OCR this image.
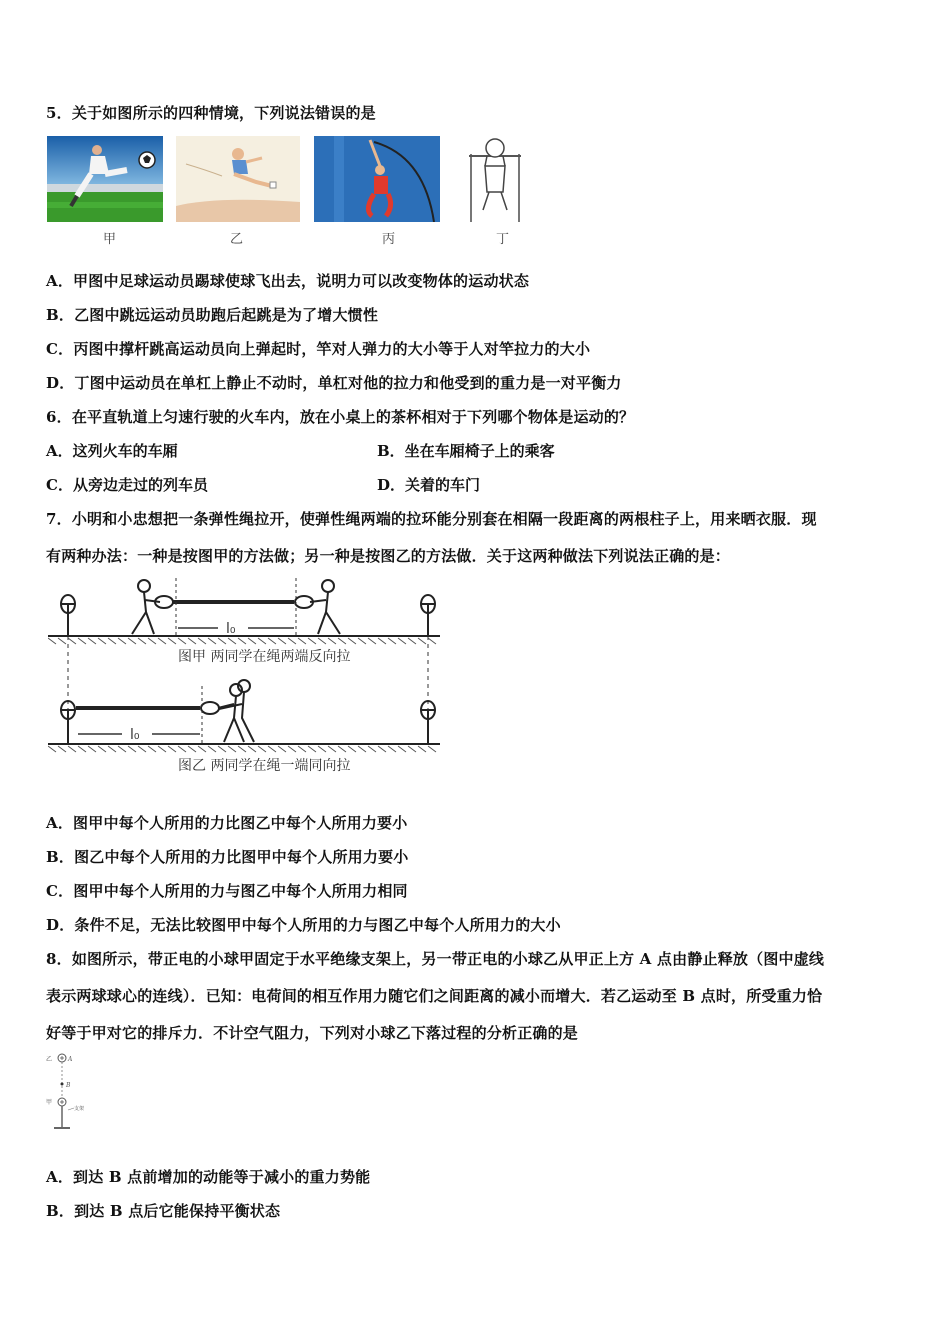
5．关于如图所示的四种情境，下列说法错误的是
甲	乙	丙	丁
A．甲图中足球运动员踢球使球飞出去，说明力可以改变物体的运动状态
B．乙图中跳远运动员助跑后起跳是为了增大惯性
C．丙图中撑杆跳高运动员向上弹起时，竿对人弹力的大小等于人对竿拉力的大小
D．丁图中运动员在单杠上静止不动时，单杠对他的拉力和他受到的重力是一对平衡力
6．在平直轨道上匀速行驶的火车内，放在小桌上的茶杯相对于下列哪个物体是运动的？
A．这列火车的车厢	B．坐在车厢椅子上的乘客
C．从旁边走过的列车员	D．关着的车门
7．小明和小忠想把一条弹性绳拉开，使弹性绳两端的拉环能分别套在相隔一段距离的两根柱子上，用来晒衣服．现
有两种办法：一种是按图甲的方法做；另一种是按图乙的方法做．关于这两种做法下列说法正确的是：
l₀
图甲 两同学在绳两端反向拉
l₀
图乙 两同学在绳一端同向拉
A．图甲中每个人所用的力比图乙中每个人所用力要小
B．图乙中每个人所用的力比图甲中每个人所用力要小
C．图甲中每个人所用的力与图乙中每个人所用力相同
D．条件不足，无法比较图甲中每个人所用的力与图乙中每个人所用力的大小
8．如图所示，带正电的小球甲固定于水平绝缘支架上，另一带正电的小球乙从甲正上方 A 点由静止释放（图中虚线
表示两球球心的连线）．已知：电荷间的相互作用力随它们之间距离的减小而增大．若乙运动至 B 点时，所受重力恰
好等于甲对它的排斥力．不计空气阻力，下列对小球乙下落过程的分析正确的是
乙	A
B
甲
支架
A．到达 B 点前增加的动能等于减小的重力势能
B．到达 B 点后它能保持平衡状态
